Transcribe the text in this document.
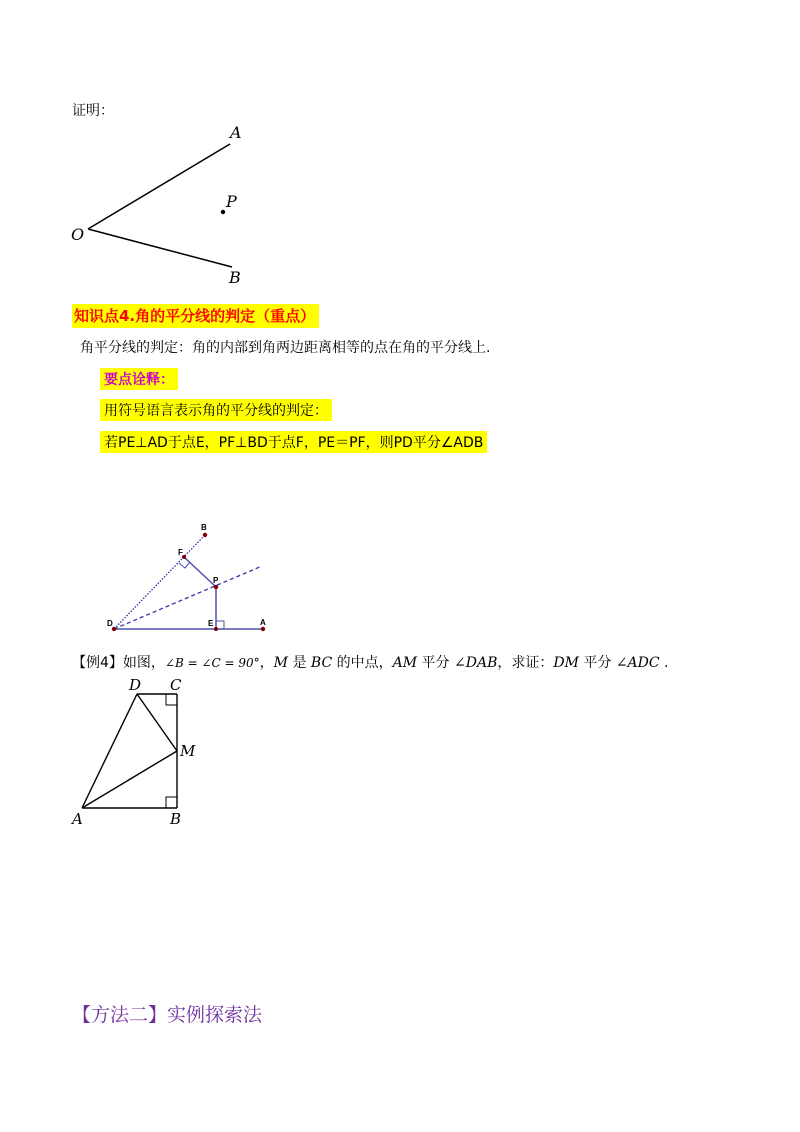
证明：
A
P
O
B
B
F
P
D	E	A
D C
M
A	B
知识点4.角的平分线的判定（重点）
角平分线的判定：角的内部到角两边距离相等的点在角的平分线上.
要点诠释：
用符号语言表示角的平分线的判定：
若PE⊥AD于点E，PF⊥BD于点F，PE＝PF，则PD平分∠ADB
【例4】如图，∠B = ∠C = 90°，M 是 BC 的中点，AM 平分 ∠DAB，求证：DM 平分 ∠ADC .
【方法二】实例探索法
